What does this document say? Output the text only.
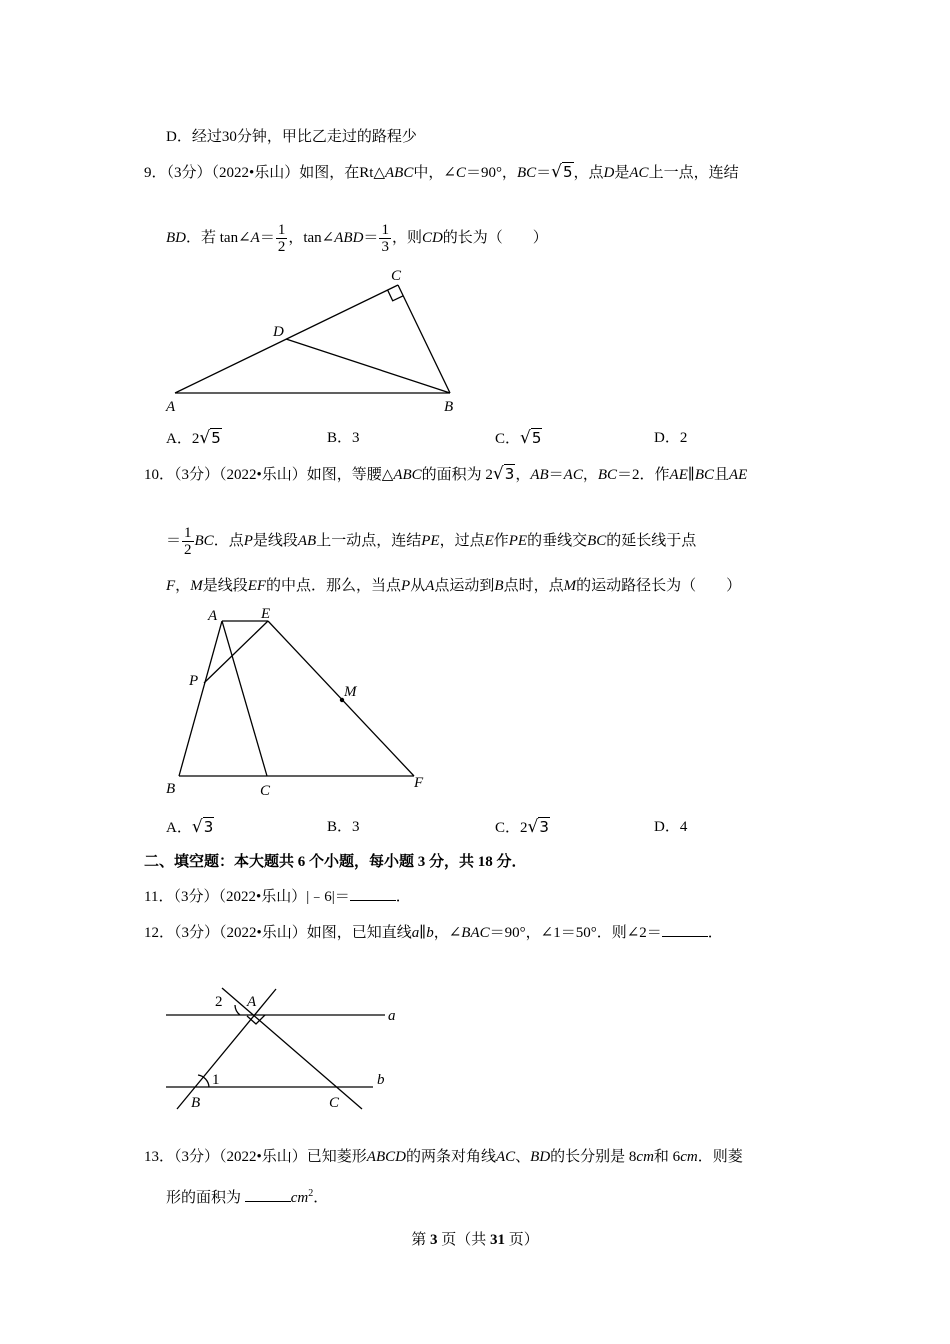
D．经过30分钟，甲比乙走过的路程少
9．（3分）（2022•乐山）如图，在Rt△ABC中，∠C＝90°，BC＝√5，点D是AC上一点，连结
BD．若 tan∠A＝ $\frac{1}{2}$ ，tan∠ABD＝ $\frac{1}{3}$ ，则CD的长为（　　）
A	B
C
D
A．2√5	B．3	C．√5	D．2
10．（3分）（2022•乐山）如图，等腰△ABC的面积为 2√3，AB＝AC，BC＝2．作AE∥BC且AE
＝ $\frac{1}{2}$ BC．点P是线段AB上一动点，连结PE，过点E作PE的垂线交BC的延长线于点
F，M是线段EF的中点．那么，当点P从A点运动到B点时，点M的运动路径长为（　　）
A	E
P
M
B	C	F
A．√3	B．3	C．2√3	D．4
二、填空题：本大题共 6 个小题，每小题 3 分，共 18 分．
11．（3分）（2022•乐山）|﹣6|＝	．
12．（3分）（2022•乐山）如图，已知直线a∥b，∠BAC＝90°，∠1＝50°．则∠2＝	．
2 A
a
1	b
B	C
13．（3分）（2022•乐山）已知菱形ABCD的两条对角线AC、BD的长分别是 8cm和 6cm．则菱
形的面积为	$cm^2$．
第 3 页（共 31 页）
